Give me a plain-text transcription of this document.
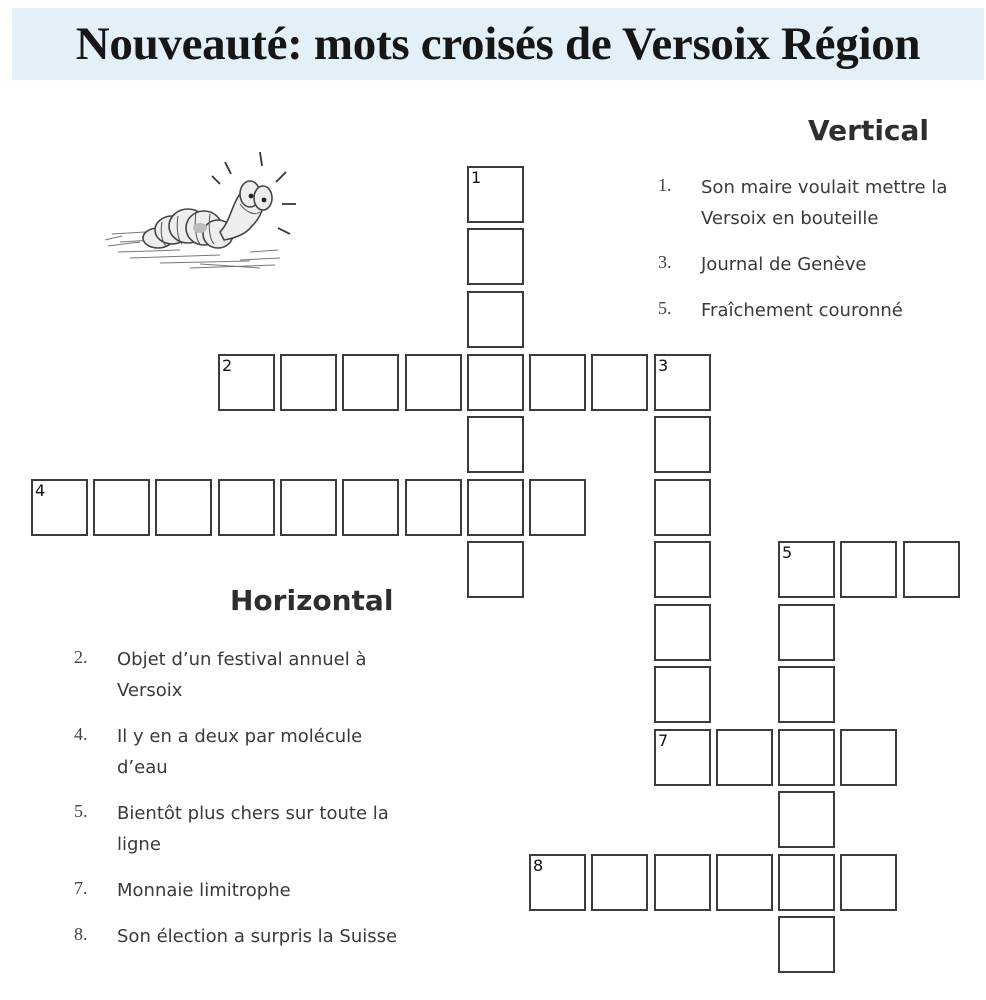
Nouveauté: mots croisés de Versoix Région
1
2	3
4
5
7
8
Vertical
1.	Son maire voulait mettre la Versoix en bouteille
3.	Journal de Genève
5.	Fraîchement couronné
Horizontal
2.	Objet d’un festival annuel à Versoix
4.	Il y en a deux par molécule d’eau
5.	Bientôt plus chers sur toute la ligne
7.	Monnaie limitrophe
8.	Son élection a surpris la Suisse
